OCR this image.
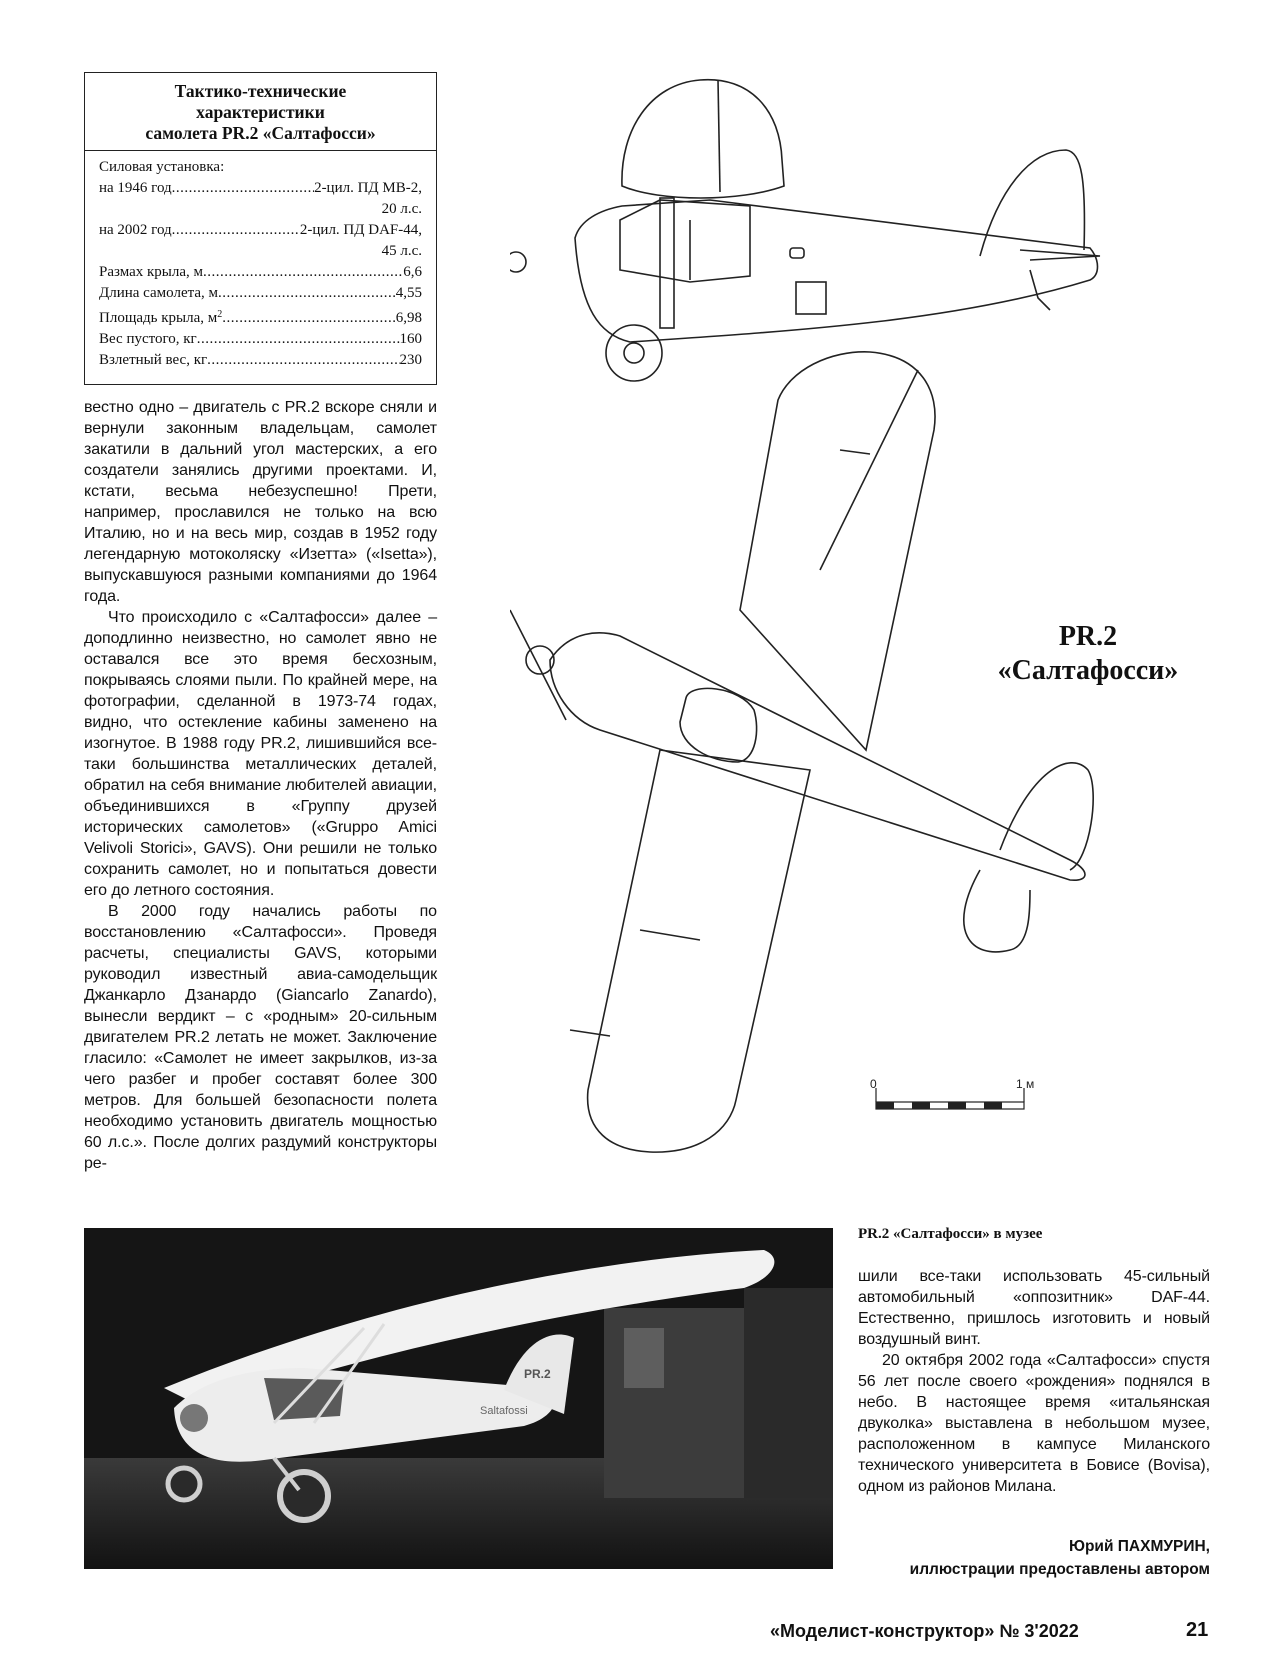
Тактико-технические
характеристики
самолета PR.2 «Салтафосси»

Силовая установка:

на 1946 год .....	2-цил. ПД МВ-2,
20 л.с.
на 2002 год .....	2-цил. ПД DAF-44,
45 л.с.
Размах крыла, м .....	6,6
Длина самолета, м .....	4,55
Площадь крыла, $м^2$ .....	6,98
Вес пустого, кг .....	160
Взлетный вес, кг .....	230

вестно одно – двигатель с PR.2 вскоре сняли и вернули законным владельцам, самолет закатили в дальний угол мастерских, а его создатели занялись другими проектами. И, кстати, весьма небезуспешно! Прети, например, прославился не только на всю Италию, но и на весь мир, создав в 1952 году легендарную мотоколяску «Изетта» («Isetta»), выпускавшуюся разными компаниями до 1964 года.

Что происходило с «Салтафосси» далее – доподлинно неизвестно, но самолет явно не оставался все это время бесхозным, покрываясь слоями пыли. По крайней мере, на фотографии, сделанной в 1973-74 годах, видно, что остекление кабины заменено на изогнутое. В 1988 году PR.2, лишившийся все-таки большинства металлических деталей, обратил на себя внимание любителей авиации, объединившихся в «Группу друзей исторических самолетов» («Gruppo Amici Velivoli Storici», GAVS). Они решили не только сохранить самолет, но и попытаться довести его до летного состояния.

В 2000 году начались работы по восстановлению «Салтафосси». Проведя расчеты, специалисты GAVS, которыми руководил известный авиа-самодельщик Джанкарло Дзанардо (Giancarlo Zanardo), вынесли вердикт – с «родным» 20-сильным двигателем PR.2 летать не может. Заключение гласило: «Самолет не имеет закрылков, из-за чего разбег и пробег составят более 300 метров. Для большей безопасности полета необходимо установить двигатель мощностью 60 л.с.». После долгих раздумий конструкторы ре-

0	1 м
PR.2
«Салтафосси»
Saltafossi
PR.2
PR.2 «Салтафосси» в музее

шили все-таки использовать 45-сильный автомобильный «оппозитник» DAF-44. Естественно, пришлось изготовить и новый воздушный винт.

20 октября 2002 года «Салтафосси» спустя 56 лет после своего «рождения» поднялся в небо. В настоящее время «итальянская двуколка» выставлена в небольшом музее, расположенном в кампусе Миланского технического университета в Бовисе (Bovisa), одном из районов Милана.

Юрий ПАХМУРИН,
иллюстрации предоставлены автором
«Моделист-конструктор» № 3'2022	21
